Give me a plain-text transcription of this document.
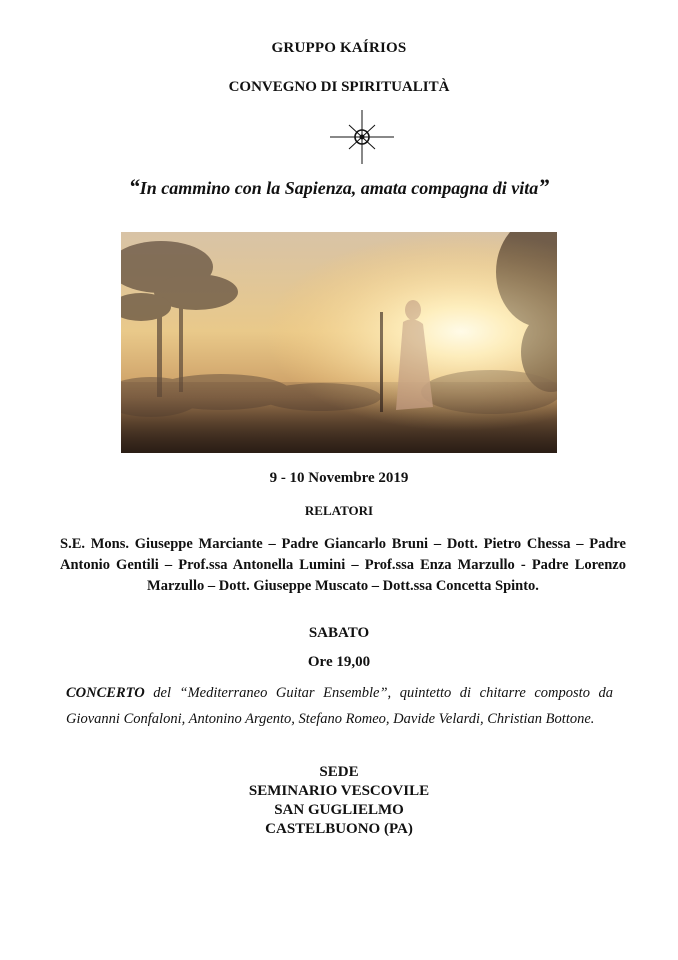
GRUPPO KAÍRIOS
CONVEGNO DI SPIRITUALITÀ
“In cammino con la Sapienza, amata compagna di vita”
9 - 10 Novembre 2019
RELATORI
S.E. Mons. Giuseppe Marciante – Padre Giancarlo Bruni – Dott. Pietro Chessa – Padre Antonio Gentili – Prof.ssa Antonella Lumini – Prof.ssa Enza Marzullo - Padre Lorenzo Marzullo – Dott. Giuseppe Muscato – Dott.ssa Concetta Spinto.
SABATO
Ore 19,00
CONCERTO del “Mediterraneo Guitar Ensemble”, quintetto di chitarre composto da Giovanni Confaloni, Antonino Argento, Stefano Romeo, Davide Velardi, Christian Bottone.
SEDE
SEMINARIO VESCOVILE
SAN GUGLIELMO
CASTELBUONO (PA)
